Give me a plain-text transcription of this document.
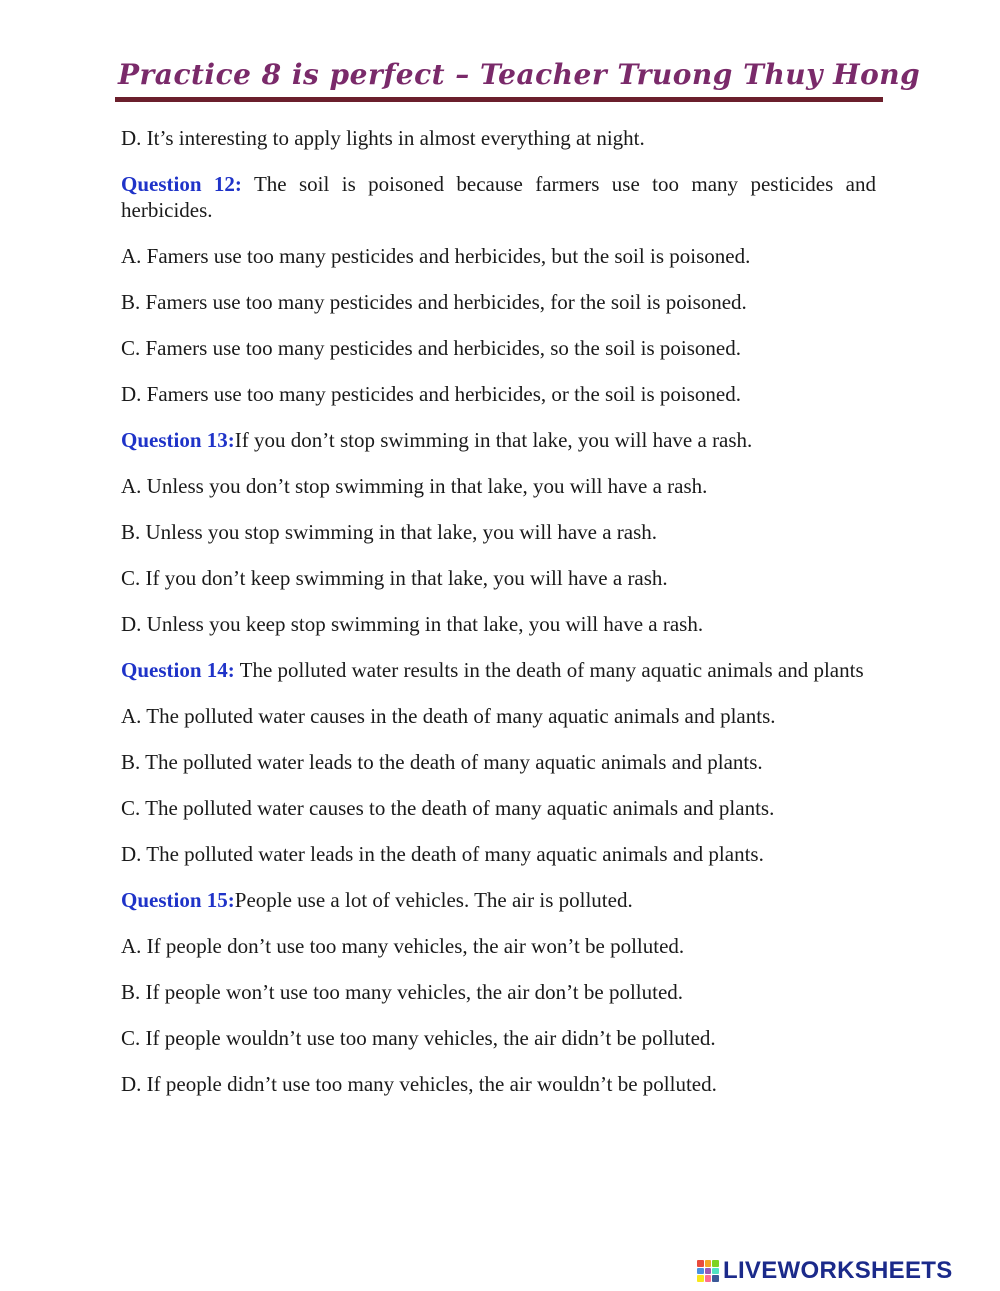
Practice 8 is perfect – Teacher Truong Thuy Hong

D. It’s interesting to apply lights in almost everything at night.

Question 12: The soil is poisoned because farmers use too many pesticides and herbicides.

A. Famers use too many pesticides and herbicides, but the soil is poisoned.

B. Famers use too many pesticides and herbicides, for the soil is poisoned.

C. Famers use too many pesticides and herbicides, so the soil is poisoned.

D. Famers use too many pesticides and herbicides, or the soil is poisoned.

Question 13:If you don’t stop swimming in that lake, you will have a rash.

A. Unless you don’t stop swimming in that lake, you will have a rash.

B. Unless you stop swimming in that lake, you will have a rash.

C. If you don’t keep swimming in that lake, you will have a rash.

D. Unless you keep stop swimming in that lake, you will have a rash.

Question 14: The polluted water results in the death of many aquatic animals and plants

A. The polluted water causes in the death of many aquatic animals and plants.

B. The polluted water leads to the death of many aquatic animals and plants.

C. The polluted water causes to the death of many aquatic animals and plants.

D. The polluted water leads in the death of many aquatic animals and plants.

Question 15:People use a lot of vehicles. The air is polluted.

A. If people don’t use too many vehicles, the air won’t be polluted.

B. If people won’t use too many vehicles, the air don’t be polluted.

C. If people wouldn’t use too many vehicles, the air didn’t be polluted.

D. If people didn’t use too many vehicles, the air wouldn’t be polluted.

LIVEWORKSHEETS
